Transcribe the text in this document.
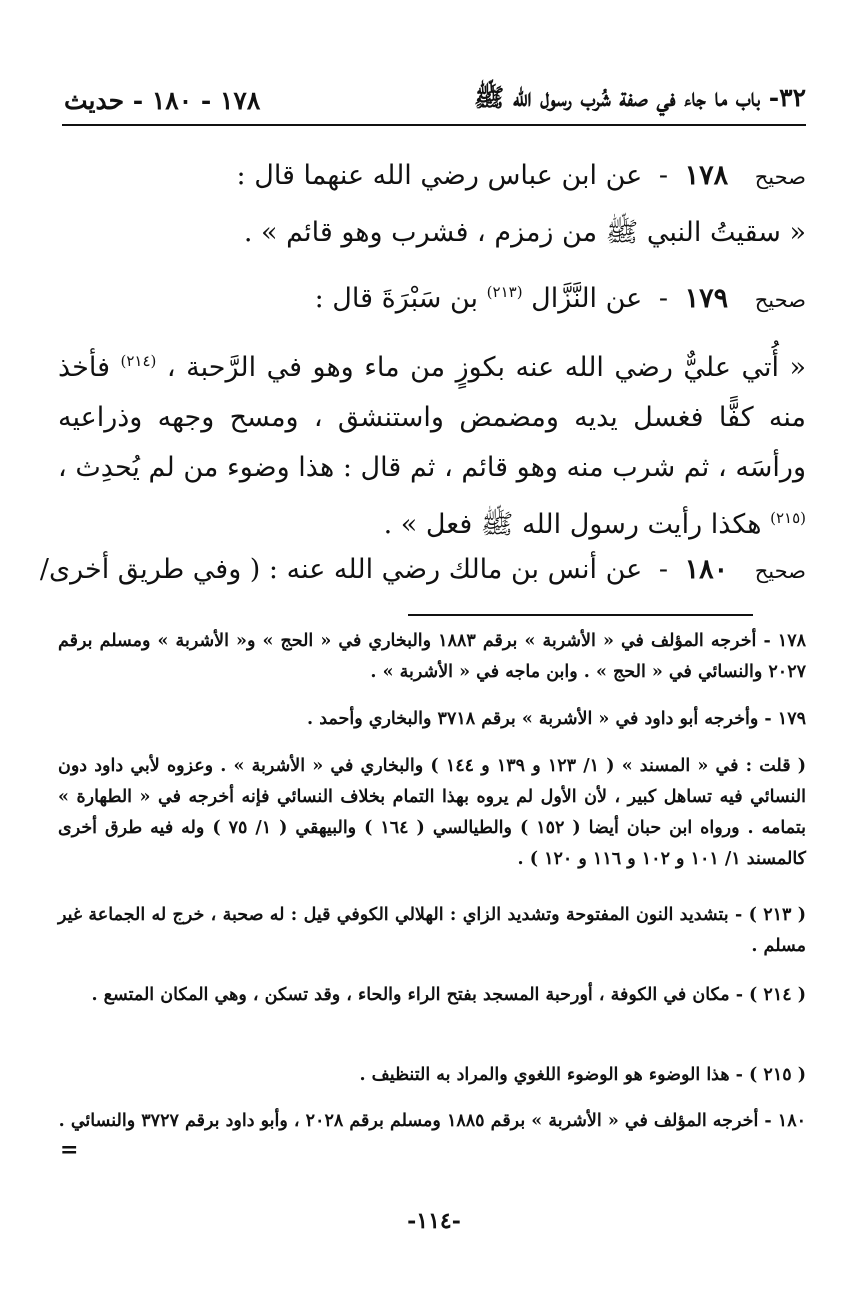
٣٢- باب ما جاء في صفة شُرب رسول الله ﷺ
١٧٨ - ١٨٠ - حديث
صحيح ١٧٨ - عن ابن عباس رضي الله عنهما قال :
« سقيتُ النبي ﷺ من زمزم ، فشرب وهو قائم » .
صحيح ١٧٩ - عن النَّزَّال $^{(٢١٣)}$ بن سَبْرَةَ قال :
« أُتي عليٌّ رضي الله عنه بكوزٍ من ماء وهو في الرَّحبة ، $^{(٢١٤)}$ فأخذ منه كفًّا فغسل يديه ومضمض واستنشق ، ومسح وجهه وذراعيه ورأسَه ، ثم شرب منه وهو قائم ، ثم قال : هذا وضوء من لم يُحدِث ، $^{(٢١٥)}$ هكذا رأيت رسول الله ﷺ فعل » .
صحيح ١٨٠ - عن أنس بن مالك رضي الله عنه : ( وفي طريق أخرى/
١٧٨ - أخرجه المؤلف في « الأشربة » برقم ١٨٨٣ والبخاري في « الحج » و« الأشربة » ومسلم برقم ٢٠٢٧ والنسائي في « الحج » . وابن ماجه في « الأشربة » .
١٧٩ - وأخرجه أبو داود في « الأشربة » برقم ٣٧١٨ والبخاري وأحمد .
( قلت : في « المسند » ( ١/ ١٢٣ و ١٣٩ و ١٤٤ ) والبخاري في « الأشربة » . وعزوه لأبي داود دون النسائي فيه تساهل كبير ، لأن الأول لم يروه بهذا التمام بخلاف النسائي فإنه أخرجه في « الطهارة » بتمامه . ورواه ابن حبان أيضا ( ١٥٢ ) والطيالسي ( ١٦٤ ) والبيهقي ( ١/ ٧٥ ) وله فيه طرق أخرى كالمسند ١/ ١٠١ و ١٠٢ و ١١٦ و ١٢٠ ) .
( ٢١٣ ) - بتشديد النون المفتوحة وتشديد الزاي : الهلالي الكوفي قيل : له صحبة ، خرج له الجماعة غير مسلم .
( ٢١٤ ) - مكان في الكوفة ، أورحبة المسجد بفتح الراء والحاء ، وقد تسكن ، وهي المكان المتسع .
( ٢١٥ ) - هذا الوضوء هو الوضوء اللغوي والمراد به التنظيف .
١٨٠ - أخرجه المؤلف في « الأشربة » برقم ١٨٨٥ ومسلم برقم ٢٠٢٨ ، وأبو داود برقم ٣٧٢٧ والنسائي .
=
-١١٤-
